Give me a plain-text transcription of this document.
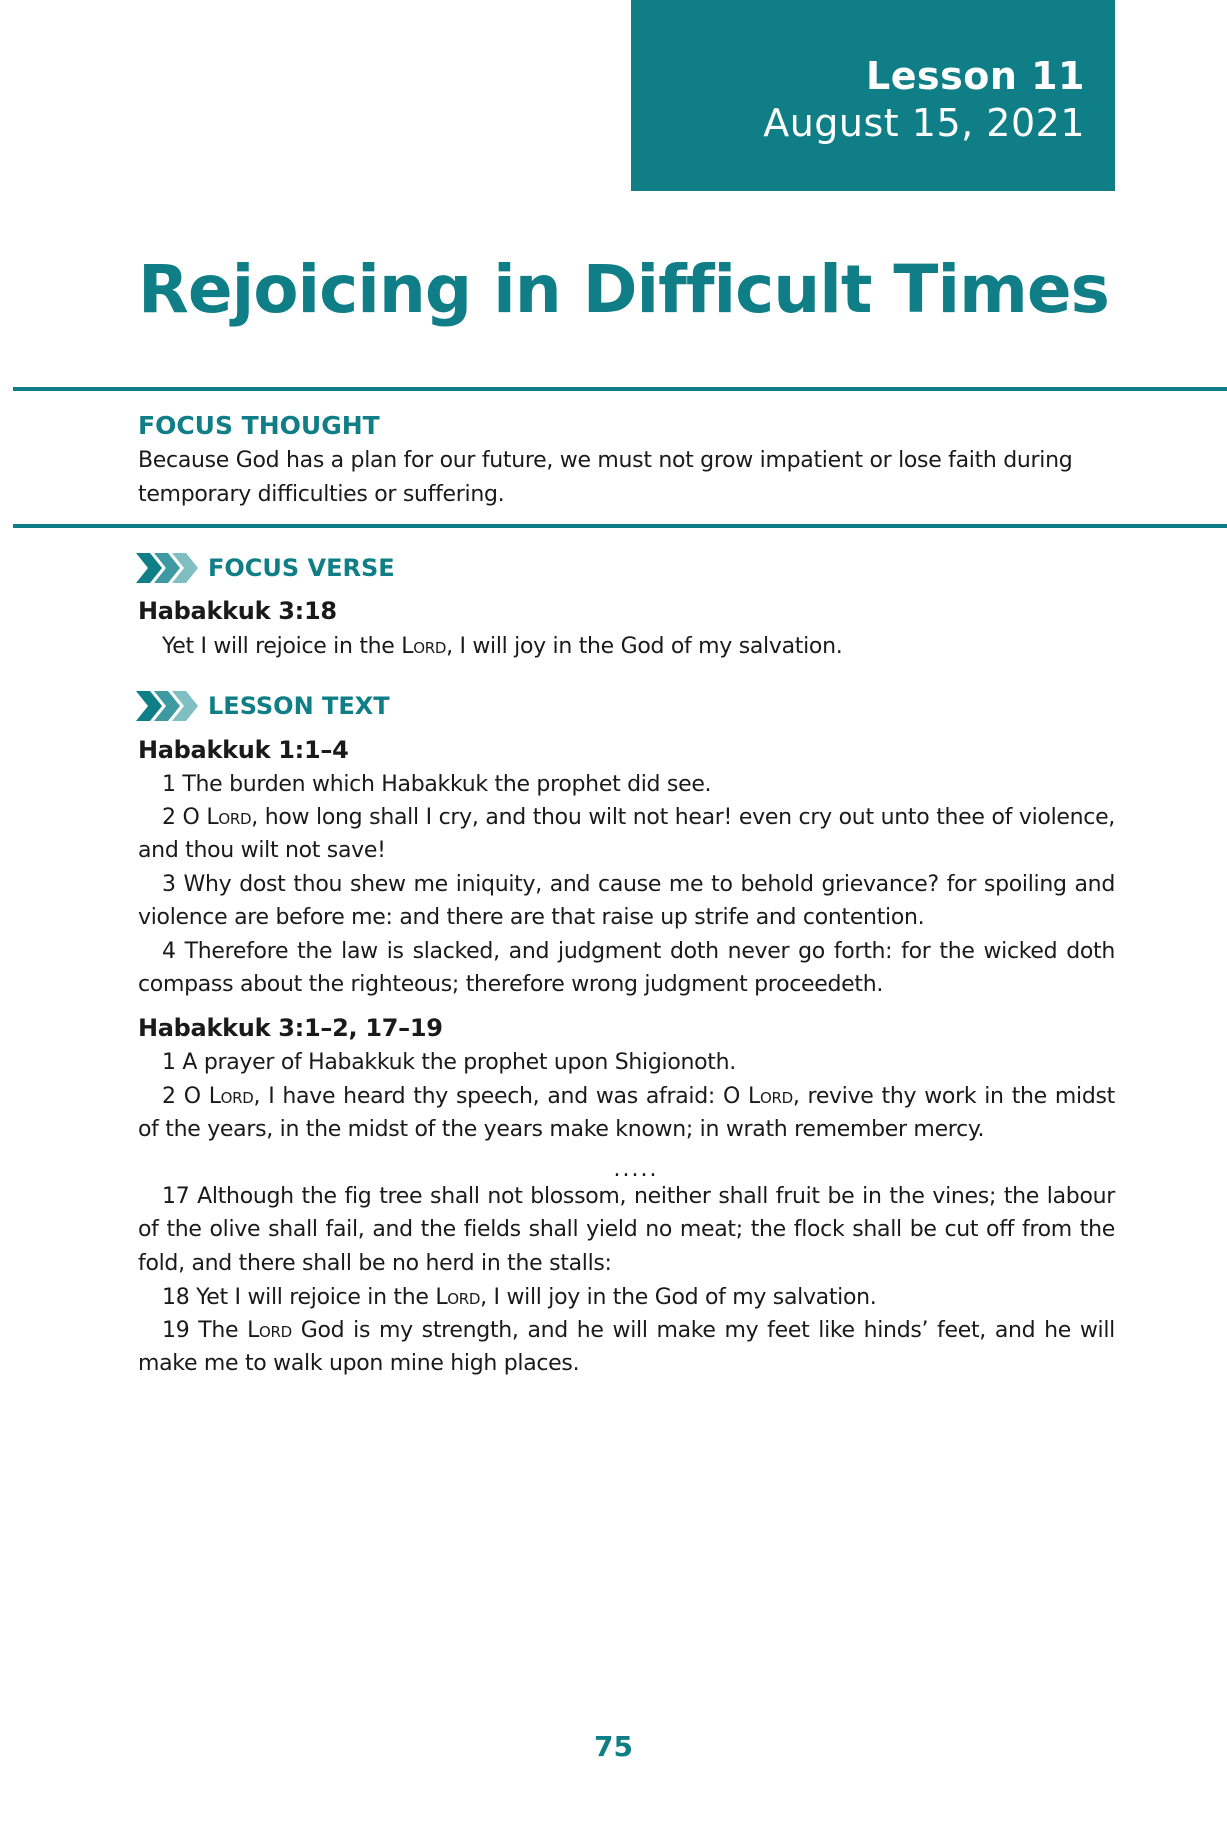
Lesson 11
August 15, 2021
Rejoicing in Difficult Times
FOCUS THOUGHT
Because God has a plan for our future, we must not grow impatient or lose faith during temporary difficulties or suffering.
FOCUS VERSE
Habakkuk 3:18
Yet I will rejoice in the Lord, I will joy in the God of my salvation.
LESSON TEXT
Habakkuk 1:1–4
1 The burden which Habakkuk the prophet did see.
2 O Lord, how long shall I cry, and thou wilt not hear! even cry out unto thee of violence, and thou wilt not save!
3 Why dost thou shew me iniquity, and cause me to behold grievance? for spoiling and violence are before me: and there are that raise up strife and contention.
4 Therefore the law is slacked, and judgment doth never go forth: for the wicked doth compass about the righteous; therefore wrong judgment proceedeth.
Habakkuk 3:1–2, 17–19
1 A prayer of Habakkuk the prophet upon Shigionoth.
2 O Lord, I have heard thy speech, and was afraid: O Lord, revive thy work in the midst of the years, in the midst of the years make known; in wrath remember mercy.
.....
17 Although the fig tree shall not blossom, neither shall fruit be in the vines; the labour of the olive shall fail, and the fields shall yield no meat; the flock shall be cut off from the fold, and there shall be no herd in the stalls:
18 Yet I will rejoice in the Lord, I will joy in the God of my salvation.
19 The Lord God is my strength, and he will make my feet like hinds’ feet, and he will make me to walk upon mine high places.
75
